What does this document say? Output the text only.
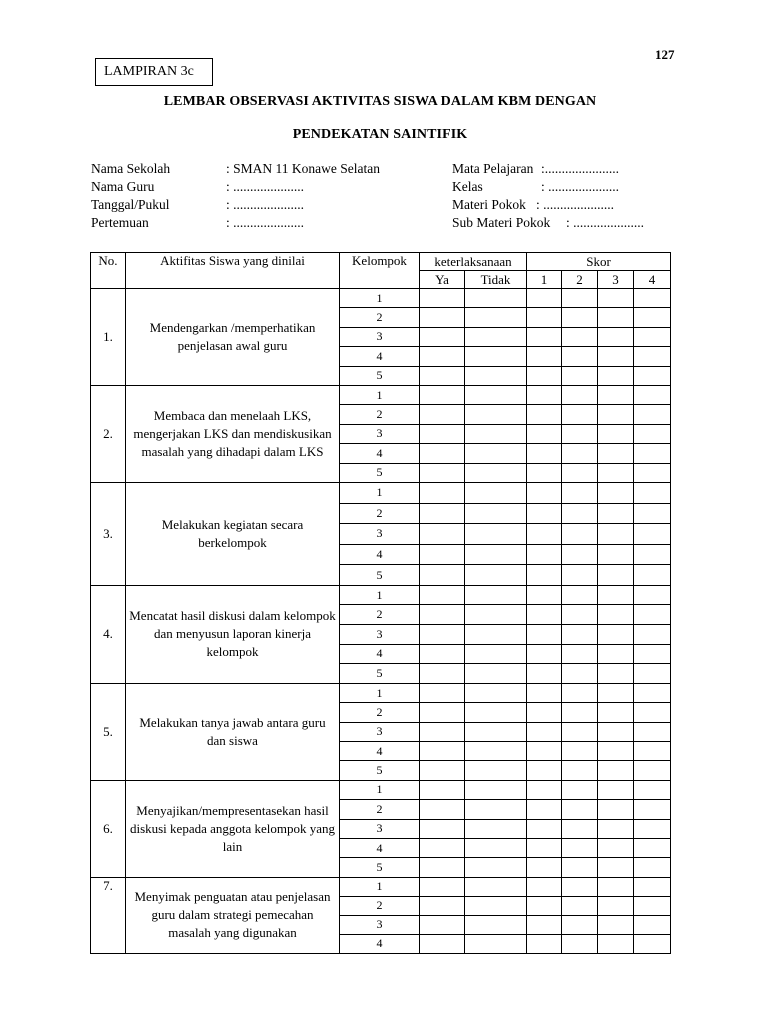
127
LAMPIRAN 3c
LEMBAR OBSERVASI AKTIVITAS SISWA DALAM KBM DENGAN
PENDEKATAN SAINTIFIK
Nama Sekolah	: SMAN 11 Konawe Selatan
Nama Guru	: .....................
Tanggal/Pukul	: .....................
Pertemuan	: .....................
Mata Pelajaran :......................
Kelas	: .....................
Materi Pokok : .....................
Sub Materi Pokok : .....................
No.	Aktifitas Siswa yang dinilai	Kelompok	keterlaksanaan		Skor			
			Ya	Tidak	1	2	3	4
1.	Mendengarkan /memperhatikan penjelasan awal guru	1						
		2						
		3						
		4						
		5						
2.	Membaca dan menelaah LKS, mengerjakan LKS dan mendiskusikan masalah yang dihadapi dalam LKS	1						
		2						
		3						
		4						
		5						
3.	Melakukan kegiatan secara berkelompok	1						
		2						
		3						
		4						
		5						
4.	Mencatat hasil diskusi dalam kelompok dan menyusun laporan kinerja kelompok	1						
		2						
		3						
		4						
		5						
5.	Melakukan tanya jawab antara guru dan siswa	1						
		2						
		3						
		4						
		5						
6.	Menyajikan/mempresentasekan hasil diskusi kepada anggota kelompok yang lain	1						
		2						
		3						
		4						
		5						
7.	Menyimak penguatan atau penjelasan guru dalam strategi pemecahan masalah yang digunakan	1						
		2						
		3						
		4						
